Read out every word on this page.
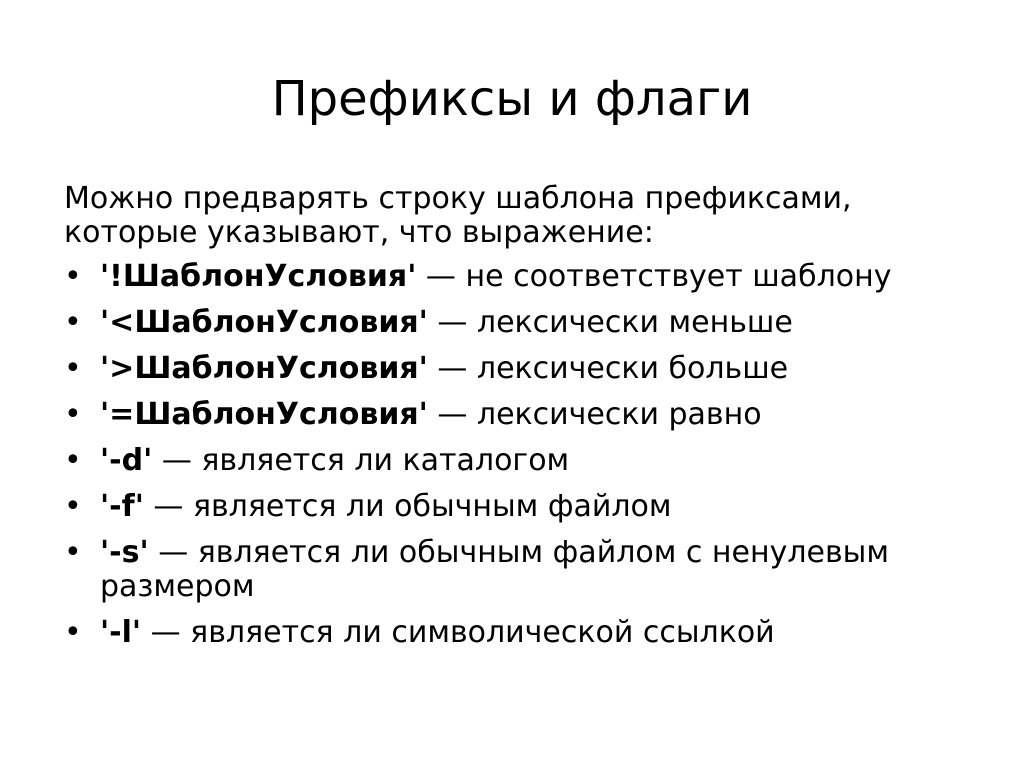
Префиксы и флаги

Можно предварять строку шаблона префиксами, которые указывают, что выражение:

• '!ШаблонУсловия' — не соответствует шаблону
• '<ШаблонУсловия' — лексически меньше
• '>ШаблонУсловия' — лексически больше
• '=ШаблонУсловия' — лексически равно
• '-d' — является ли каталогом
• '-f' — является ли обычным файлом
• '-s' — является ли обычным файлом с ненулевым размером
• '-l' — является ли символической ссылкой
